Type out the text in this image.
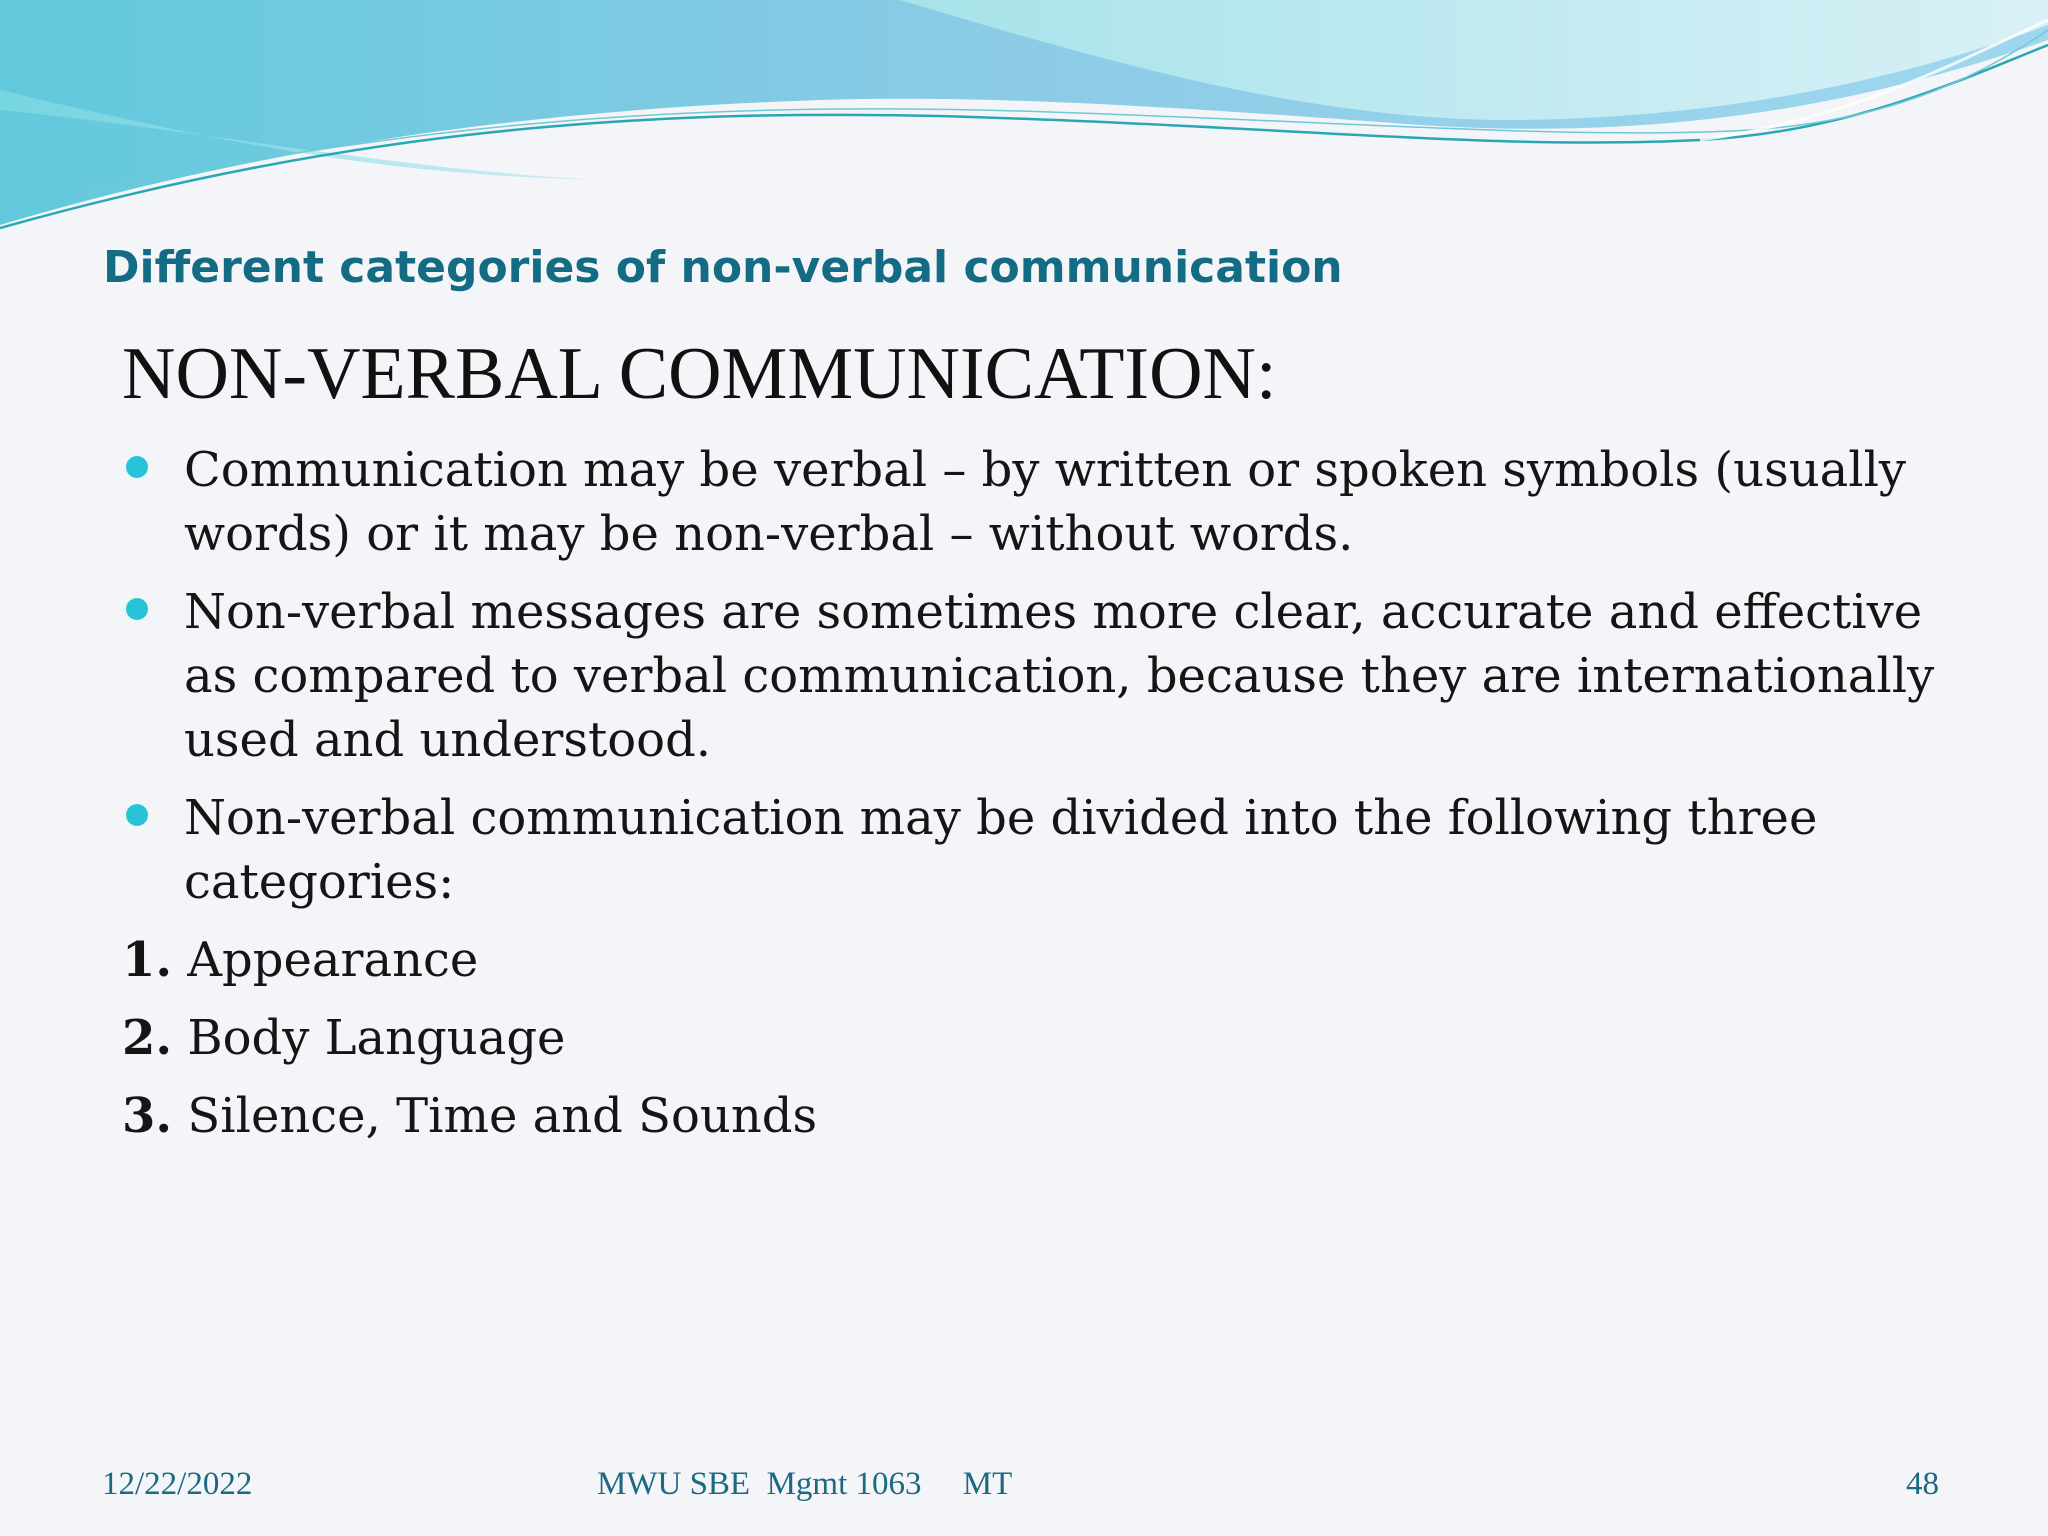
Different categories of non-verbal communication
NON-VERBAL COMMUNICATION:
Communication may be verbal – by written or spoken symbols (usually words) or it may be non-verbal – without words.
Non-verbal messages are sometimes more clear, accurate and effective as compared to verbal communication, because they are internationally used and understood.
Non-verbal communication may be divided into the following three categories:
1. Appearance
2. Body Language
3. Silence, Time and Sounds
12/22/2022	MWU SBE  Mgmt 1063     MT	48
